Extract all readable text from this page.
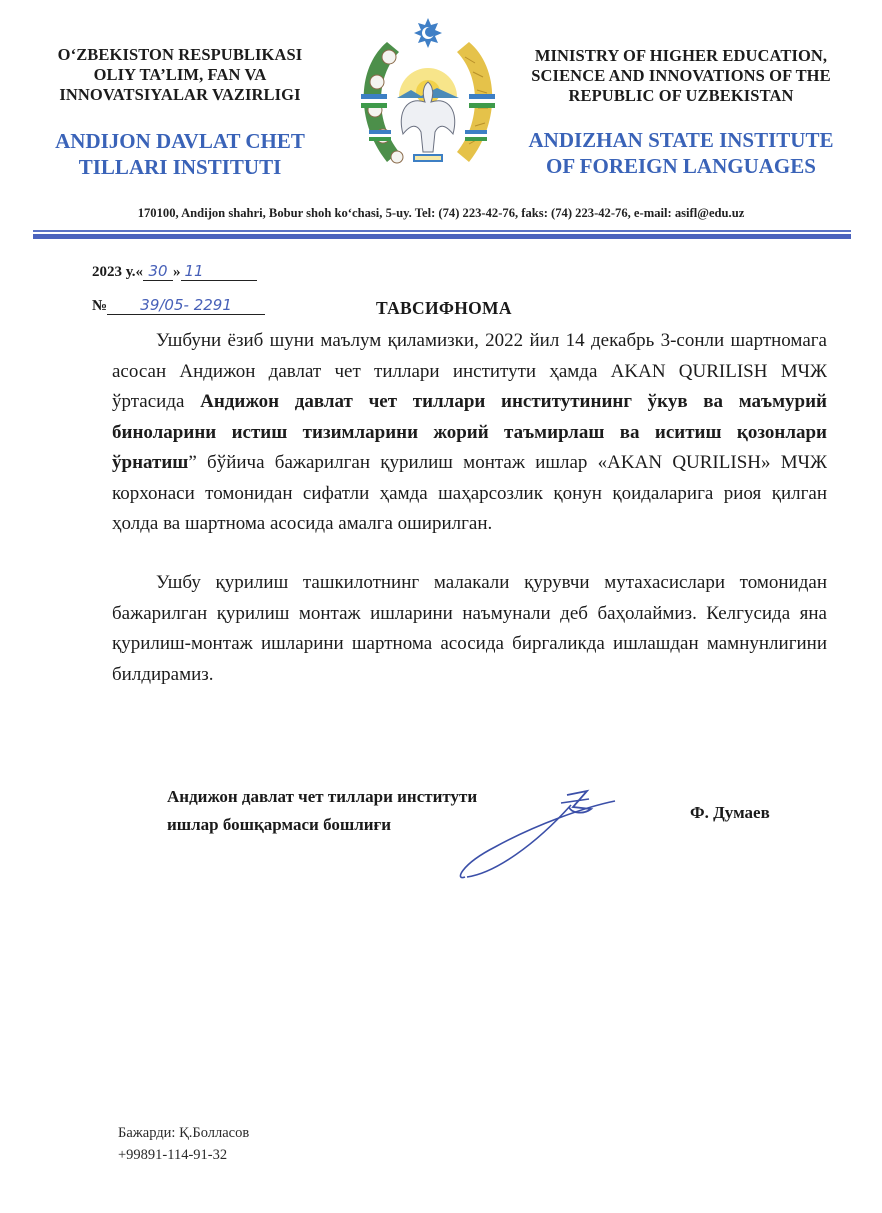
O‘ZBEKISTON RESPUBLIKASI
OLIY TA’LIM, FAN VA
INNOVATSIYALAR VAZIRLIGI
ANDIJON DAVLAT CHET
TILLARI INSTITUTI
MINISTRY OF HIGHER EDUCATION,
SCIENCE AND INNOVATIONS OF THE
REPUBLIC OF UZBEKISTAN
ANDIZHAN STATE INSTITUTE
OF FOREIGN LANGUAGES
170100, Andijon shahri, Bobur shoh ko‘chasi, 5-uy. Tel: (74) 223-42-76, faks: (74) 223-42-76, e-mail: asifl@edu.uz
2023 у.« 30 » 11
№ 39/05- 2291	ТАВСИФНОМА
Ушбуни ёзиб шуни маълум қиламизки, 2022 йил 14 декабрь 3-сонли шартномага асосан Андижон давлат чет тиллари институти ҳамда AKAN QURILISH МЧЖ ўртасида Андижон давлат чет тиллари институтининг ўкув ва маъмурий биноларини истиш тизимларини жорий таъмирлаш ва иситиш қозонлари ўрнатиш” бўйича бажарилган қурилиш монтаж ишлар «AKAN QURILISH» МЧЖ корхонаси томонидан сифатли ҳамда шаҳарсозлик қонун қоидаларига риоя қилган ҳолда ва шартнома асосида амалга оширилган.
Ушбу қурилиш ташкилотнинг малакали қурувчи мутахасислари томонидан бажарилган қурилиш монтаж ишларини наъмунали деб баҳолаймиз. Келгусида яна қурилиш-монтаж ишларини шартнома асосида биргаликда ишлашдан мамнунлигини билдирамиз.
Андижон давлат чет тиллари институти
ишлар бошқармаси бошлиғи
Ф. Думаев
Бажарди: Қ.Болласов
+99891-114-91-32
